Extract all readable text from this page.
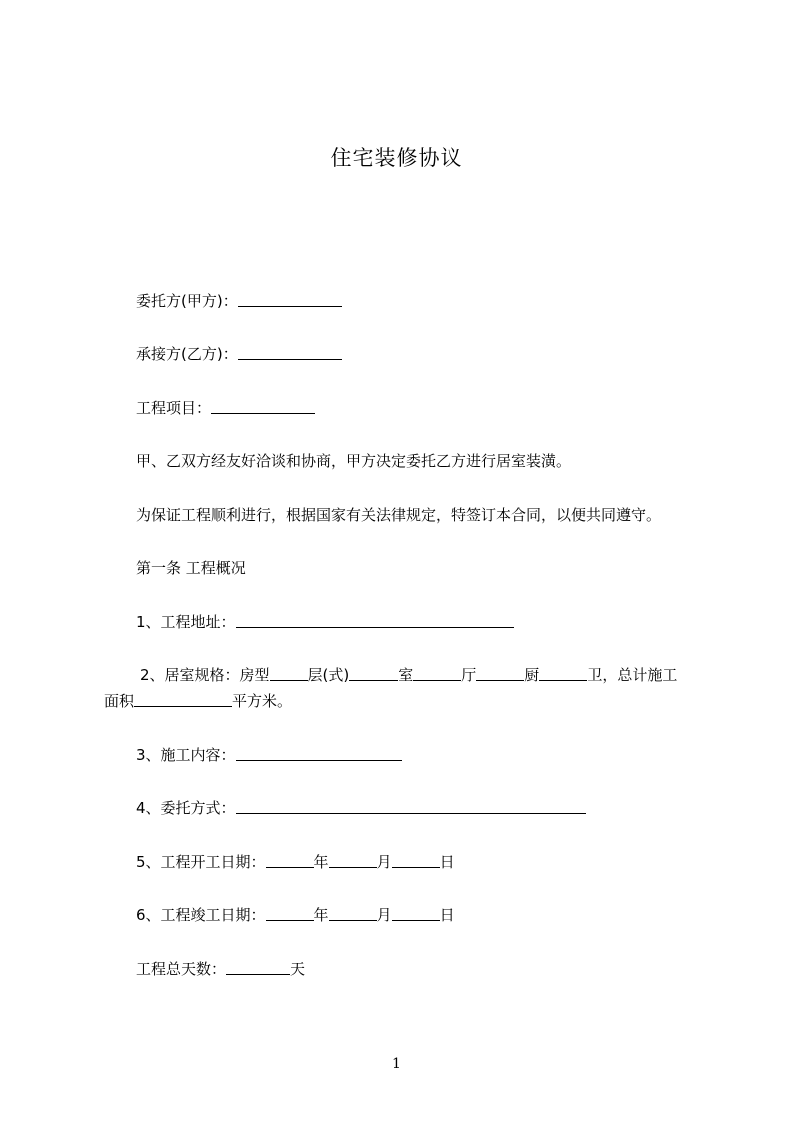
住宅装修协议
委托方(甲方)：
承接方(乙方)：
工程项目：
甲、乙双方经友好洽谈和协商，甲方决定委托乙方进行居室装潢。
为保证工程顺利进行，根据国家有关法律规定，特签订本合同，以便共同遵守。
第一条 工程概况
1、工程地址：
2、居室规格：房型	层(式)	室	厅	厨	卫，总计施工
面积	平方米。
3、施工内容：
4、委托方式：
5、工程开工日期：	年	月	日
6、工程竣工日期：	年	月	日
工程总天数：	天
1
